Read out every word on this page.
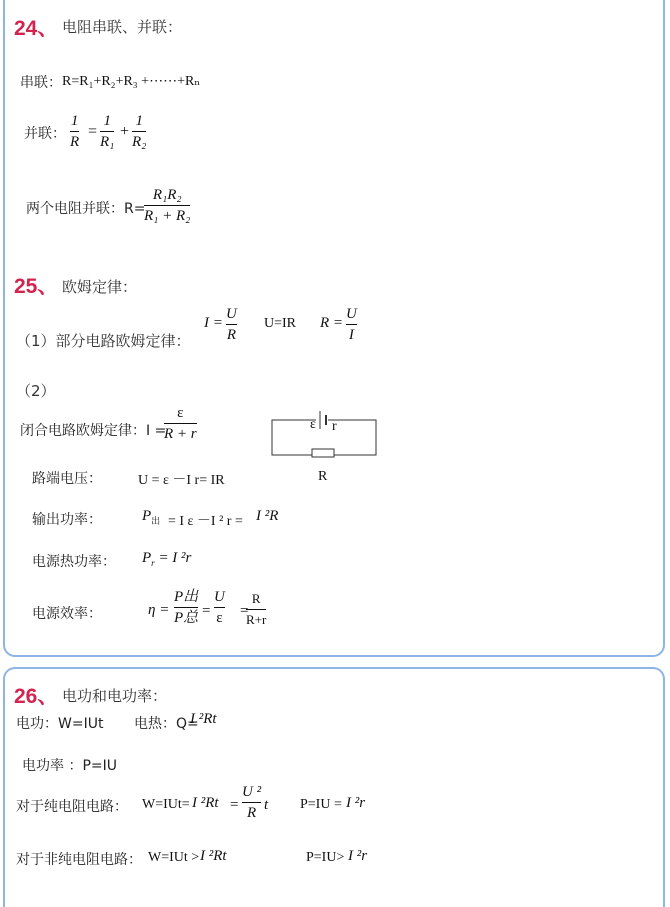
24、 电阻串联、并联：
串联： R=R₁+R₂+R₃ +⋯⋯+Rₙ
并联：
1
R
=
1
R₁
+
1
R₂
两个电阻并联：R=
R₁R₂
R₁ + R₂
25、 欧姆定律：
（1）部分电路欧姆定律：
I =
U
R
U=IR R =
U
I
（2）
闭合电路欧姆定律：I =
ε
R + r
ε r
R
路端电压：	U = ε －I r= IR
输出功率：	$P_出 = I$ ε －I ² r = I ²R
电源热功率： $P_r = I$ ²r
电源效率：	η =
P出
P总 =
U
ε =
R
R+r
26、 电功和电功率：
电功：W=IUt 电热：Q=
I ²Rt
电功率 ：P=IU
对于纯电阻电路： W=IUt= I ²Rt =
U ²
R t P=IU = I ²r
对于非纯电阻电路： W=IUt > I ²Rt	P=IU> I ²r
